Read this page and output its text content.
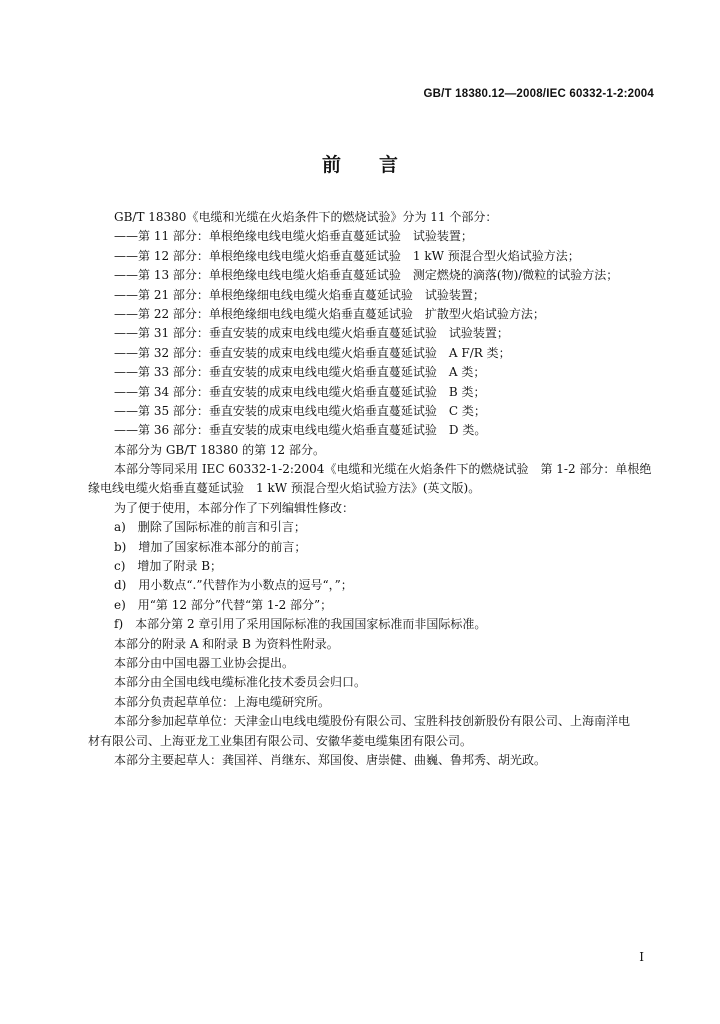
GB/T 18380.12—2008/IEC 60332-1-2:2004
前言
GB/T 18380《电缆和光缆在火焰条件下的燃烧试验》分为 11 个部分：
——第 11 部分：单根绝缘电线电缆火焰垂直蔓延试验　试验装置；
——第 12 部分：单根绝缘电线电缆火焰垂直蔓延试验　1 kW 预混合型火焰试验方法；
——第 13 部分：单根绝缘电线电缆火焰垂直蔓延试验　测定燃烧的滴落(物)/微粒的试验方法；
——第 21 部分：单根绝缘细电线电缆火焰垂直蔓延试验　试验装置；
——第 22 部分：单根绝缘细电线电缆火焰垂直蔓延试验　扩散型火焰试验方法；
——第 31 部分：垂直安装的成束电线电缆火焰垂直蔓延试验　试验装置；
——第 32 部分：垂直安装的成束电线电缆火焰垂直蔓延试验　A F/R 类；
——第 33 部分：垂直安装的成束电线电缆火焰垂直蔓延试验　A 类；
——第 34 部分：垂直安装的成束电线电缆火焰垂直蔓延试验　B 类；
——第 35 部分：垂直安装的成束电线电缆火焰垂直蔓延试验　C 类；
——第 36 部分：垂直安装的成束电线电缆火焰垂直蔓延试验　D 类。
本部分为 GB/T 18380 的第 12 部分。
本部分等同采用 IEC 60332-1-2:2004《电缆和光缆在火焰条件下的燃烧试验　第 1-2 部分：单根绝
缘电线电缆火焰垂直蔓延试验　1 kW 预混合型火焰试验方法》(英文版)。
为了便于使用，本部分作了下列编辑性修改：
a)　删除了国际标准的前言和引言；
b)　增加了国家标准本部分的前言；
c)　增加了附录 B；
d)　用小数点“.”代替作为小数点的逗号“，”；
e)　用“第 12 部分”代替“第 1-2 部分”；
f)　本部分第 2 章引用了采用国际标准的我国国家标准而非国际标准。
本部分的附录 A 和附录 B 为资料性附录。
本部分由中国电器工业协会提出。
本部分由全国电线电缆标准化技术委员会归口。
本部分负责起草单位：上海电缆研究所。
本部分参加起草单位：天津金山电线电缆股份有限公司、宝胜科技创新股份有限公司、上海南洋电
材有限公司、上海亚龙工业集团有限公司、安徽华菱电缆集团有限公司。
本部分主要起草人：龚国祥、肖继东、郑国俊、唐崇健、曲巍、鲁邦秀、胡光政。
I
